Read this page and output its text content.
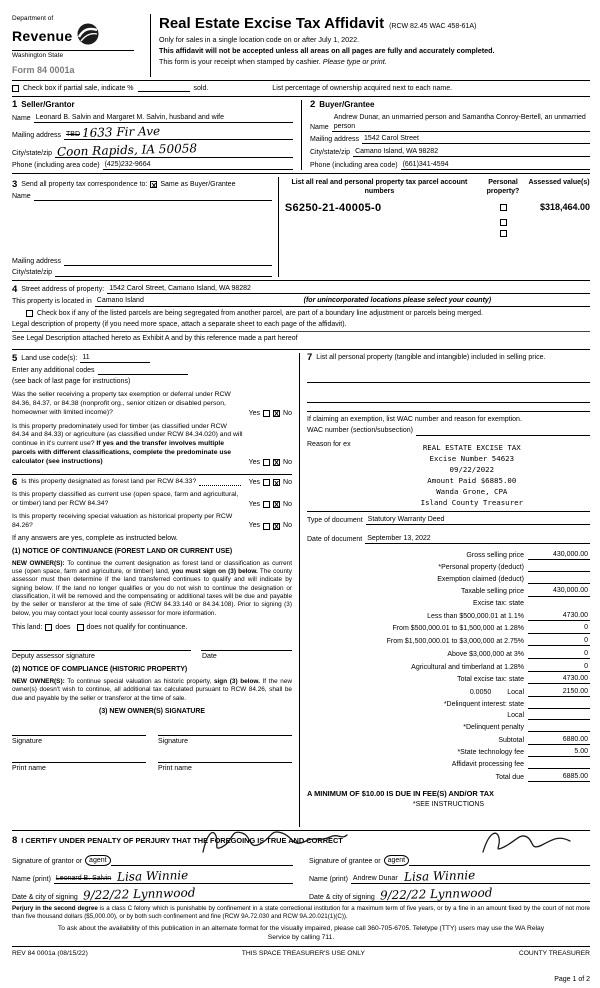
Department of
Revenue
Washington State
Form 84 0001a
Real Estate Excise Tax Affidavit (RCW 82.45 WAC 458-61A)
Only for sales in a single location code on or after July 1, 2022.
This affidavit will not be accepted unless all areas on all pages are fully and accurately completed.
This form is your receipt when stamped by cashier. Please type or print.
Check box if partial sale, indicate %	sold.	List percentage of ownership acquired next to each name.
1 Seller/Grantor
Name Leonard B. Salvin and Margaret M. Salvin, husband and wife
Mailing address TBD 1633 Fir Ave
City/state/zip Coon Rapids, IA 50058
Phone (including area code) (425)232-9664
2 Buyer/Grantee
Name
Andrew Dunar, an unmarried person and Samantha Conroy-Bertell, an unmarried person
Mailing address 1542 Carol Street
City/state/zip Camano Island, WA 98282
Phone (including area code) (661)341-4594
3 Send all property tax correspondence to: X Same as Buyer/Grantee
Name
Mailing address
City/state/zip
List all real and personal property tax parcel account numbers
Personal property?
Assessed value(s)
S6250-21-40005-0	$318,464.00
4 Street address of property: 1542 Carol Street, Camano Island, WA 98282
This property is located in Camano Island	(for unincorporated locations please select your county)
Check box if any of the listed parcels are being segregated from another parcel, are part of a boundary line adjustment or parcels being merged.
Legal description of property (if you need more space, attach a separate sheet to each page of the affidavit).
See Legal Description attached hereto as Exhibit A and by this reference made a part hereof
5 Land use code(s): 11
Enter any additional codes
(see back of last page for instructions)
Was the seller receiving a property tax exemption or deferral under RCW 84.36, 84.37, or 84.38 (nonprofit org., senior citizen or disabled person, homeowner with limited income)?	Yes X	No
Is this property predominately used for timber (as classified under RCW 84.34 and 84.33) or agriculture (as classified under RCW 84.34.020) and will continue in it's current use? If yes and the transfer involves multiple parcels with different classifications, complete the predominate use calculator (see instructions)	Yes X	No
6 Is this property designated as forest land per RCW 84.33?	Yes X	No
Is this property classified as current use (open space, farm and agricultural, or timber) land per RCW 84.34?	Yes X	No
Is this property receiving special valuation as historical property per RCW 84.26?	Yes X	No
If any answers are yes, complete as instructed below.
(1) NOTICE OF CONTINUANCE (FOREST LAND OR CURRENT USE)
NEW OWNER(S): To continue the current designation as forest land or classification as current use (open space, farm and agriculture, or timber) land, you must sign on (3) below. The county assessor must then determine if the land transferred continues to qualify and will indicate by signing below. If the land no longer qualifies or you do not wish to continue the designation or classification, it will be removed and the compensating or additional taxes will be due and payable by the seller or transferor at the time of sale (RCW 84.33.140 or 84.34.108). Prior to signing (3) below, you may contact your local county assessor for more information.
This land: does does not qualify for continuance.
Deputy assessor signature	Date
(2) NOTICE OF COMPLIANCE (HISTORIC PROPERTY)
NEW OWNER(S): To continue special valuation as historic property, sign (3) below. If the new owner(s) doesn't wish to continue, all additional tax calculated pursuant to RCW 84.26, shall be due and payable by the seller or transferor at the time of sale.
(3) NEW OWNER(S) SIGNATURE
Signature	Signature
Print name	Print name
7 List all personal property (tangible and intangible) included in selling price.
If claiming an exemption, list WAC number and reason for exemption.
WAC number (section/subsection)
Reason for ex	REAL ESTATE EXCISE TAX
Excise Number 54623
09/22/2022
Amount Paid $6885.00
Wanda Grone, CPA
Island County Treasurer
Type of document Statutory Warranty Deed
Date of document September 13, 2022
Gross selling price	430,000.00
*Personal property (deduct)
Exemption claimed (deduct)
Taxable selling price	430,000.00
Excise tax: state
Less than $500,000.01 at 1.1%	4730.00
From $500,000.01 to $1,500,000 at 1.28%	0
From $1,500,000.01 to $3,000,000 at 2.75%	0
Above $3,000,000 at 3%	0
Agricultural and timberland at 1.28%	0
Total excise tax: state	4730.00
0.0050	Local	2150.00
*Delinquent interest: state
Local
*Delinquent penalty
Subtotal	6880.00
*State technology fee	5.00
Affidavit processing fee
Total due	6885.00
A MINIMUM OF $10.00 IS DUE IN FEE(S) AND/OR TAX
*SEE INSTRUCTIONS
8 I CERTIFY UNDER PENALTY OF PERJURY THAT THE FOREGOING IS TRUE AND CORRECT
Signature of grantor or	agent
Name (print) Leonard B. Salvin Lisa Winnie
Date & city of signing 9/22/22 Lynnwood
Signature of grantee or	agent
Name (print) Andrew Dunar Lisa Winnie
Date & city of signing 9/22/22 Lynnwood
Perjury in the second degree is a class C felony which is punishable by confinement in a state correctional institution for a maximum term of five years, or by a fine in an amount fixed by the court of not more than five thousand dollars ($5,000.00), or by both such confinement and fine (RCW 9A.72.030 and RCW 9A.20.021(1)(C)).
To ask about the availability of this publication in an alternate format for the visually impaired, please call 360-705-6705. Teletype (TTY) users may use the WA Relay Service by calling 711.
REV 84 0001a (08/15/22)	THIS SPACE TREASURER'S USE ONLY	COUNTY TREASURER
Page 1 of 2
